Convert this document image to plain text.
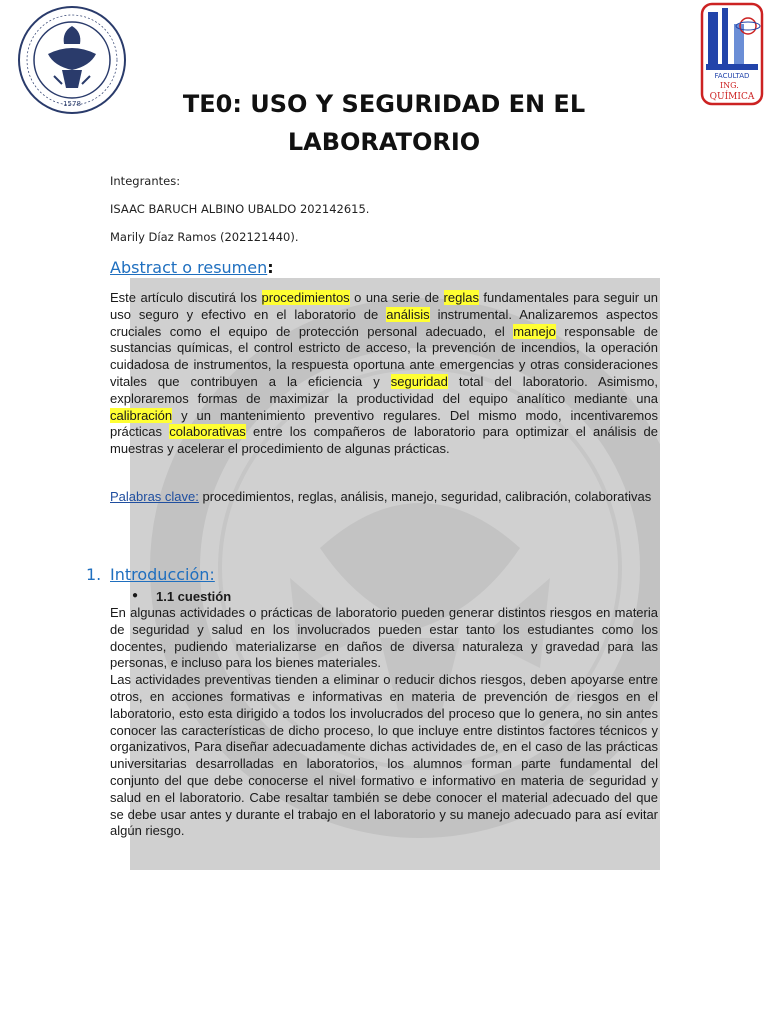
1578
FACULTAD
ING.
QUÍMICA
TE0: USO Y SEGURIDAD EN EL
LABORATORIO
Integrantes:
ISAAC BARUCH ALBINO UBALDO 202142615.
Marily Díaz Ramos (202121440).
Abstract o resumen:
Este artículo discutirá los procedimientos o una serie de reglas fundamentales para seguir un uso seguro y efectivo en el laboratorio de análisis instrumental. Analizaremos aspectos cruciales como el equipo de protección personal adecuado, el manejo responsable de sustancias químicas, el control estricto de acceso, la prevención de incendios, la operación cuidadosa de instrumentos, la respuesta oportuna ante emergencias y otras consideraciones vitales que contribuyen a la eficiencia y seguridad total del laboratorio. Asimismo, exploraremos formas de maximizar la productividad del equipo analítico mediante una calibración y un mantenimiento preventivo regulares. Del mismo modo, incentivaremos prácticas colaborativas entre los compañeros de laboratorio para optimizar el análisis de muestras y acelerar el procedimiento de algunas prácticas.
Palabras clave: procedimientos, reglas, análisis, manejo, seguridad, calibración, colaborativas
1. Introducción:
● 1.1 cuestión
En algunas actividades o prácticas de laboratorio pueden generar distintos riesgos en materia de seguridad y salud en los involucrados pueden estar tanto los estudiantes como los docentes, pudiendo materializarse en daños de diversa naturaleza y gravedad para las personas, e incluso para los bienes materiales.
Las actividades preventivas tienden a eliminar o reducir dichos riesgos, deben apoyarse entre otros, en acciones formativas e informativas en materia de prevención de riesgos en el laboratorio, esto esta dirigido a todos los involucrados del proceso que lo genera, no sin antes conocer las características de dicho proceso, lo que incluye entre distintos factores técnicos y organizativos, Para diseñar adecuadamente dichas actividades de, en el caso de las prácticas universitarias desarrolladas en laboratorios, los alumnos forman parte fundamental del conjunto del que debe conocerse el nivel formativo e informativo en materia de seguridad y salud en el laboratorio. Cabe resaltar también se debe conocer el material adecuado del que se debe usar antes y durante el trabajo en el laboratorio y su manejo adecuado para así evitar algún riesgo.
